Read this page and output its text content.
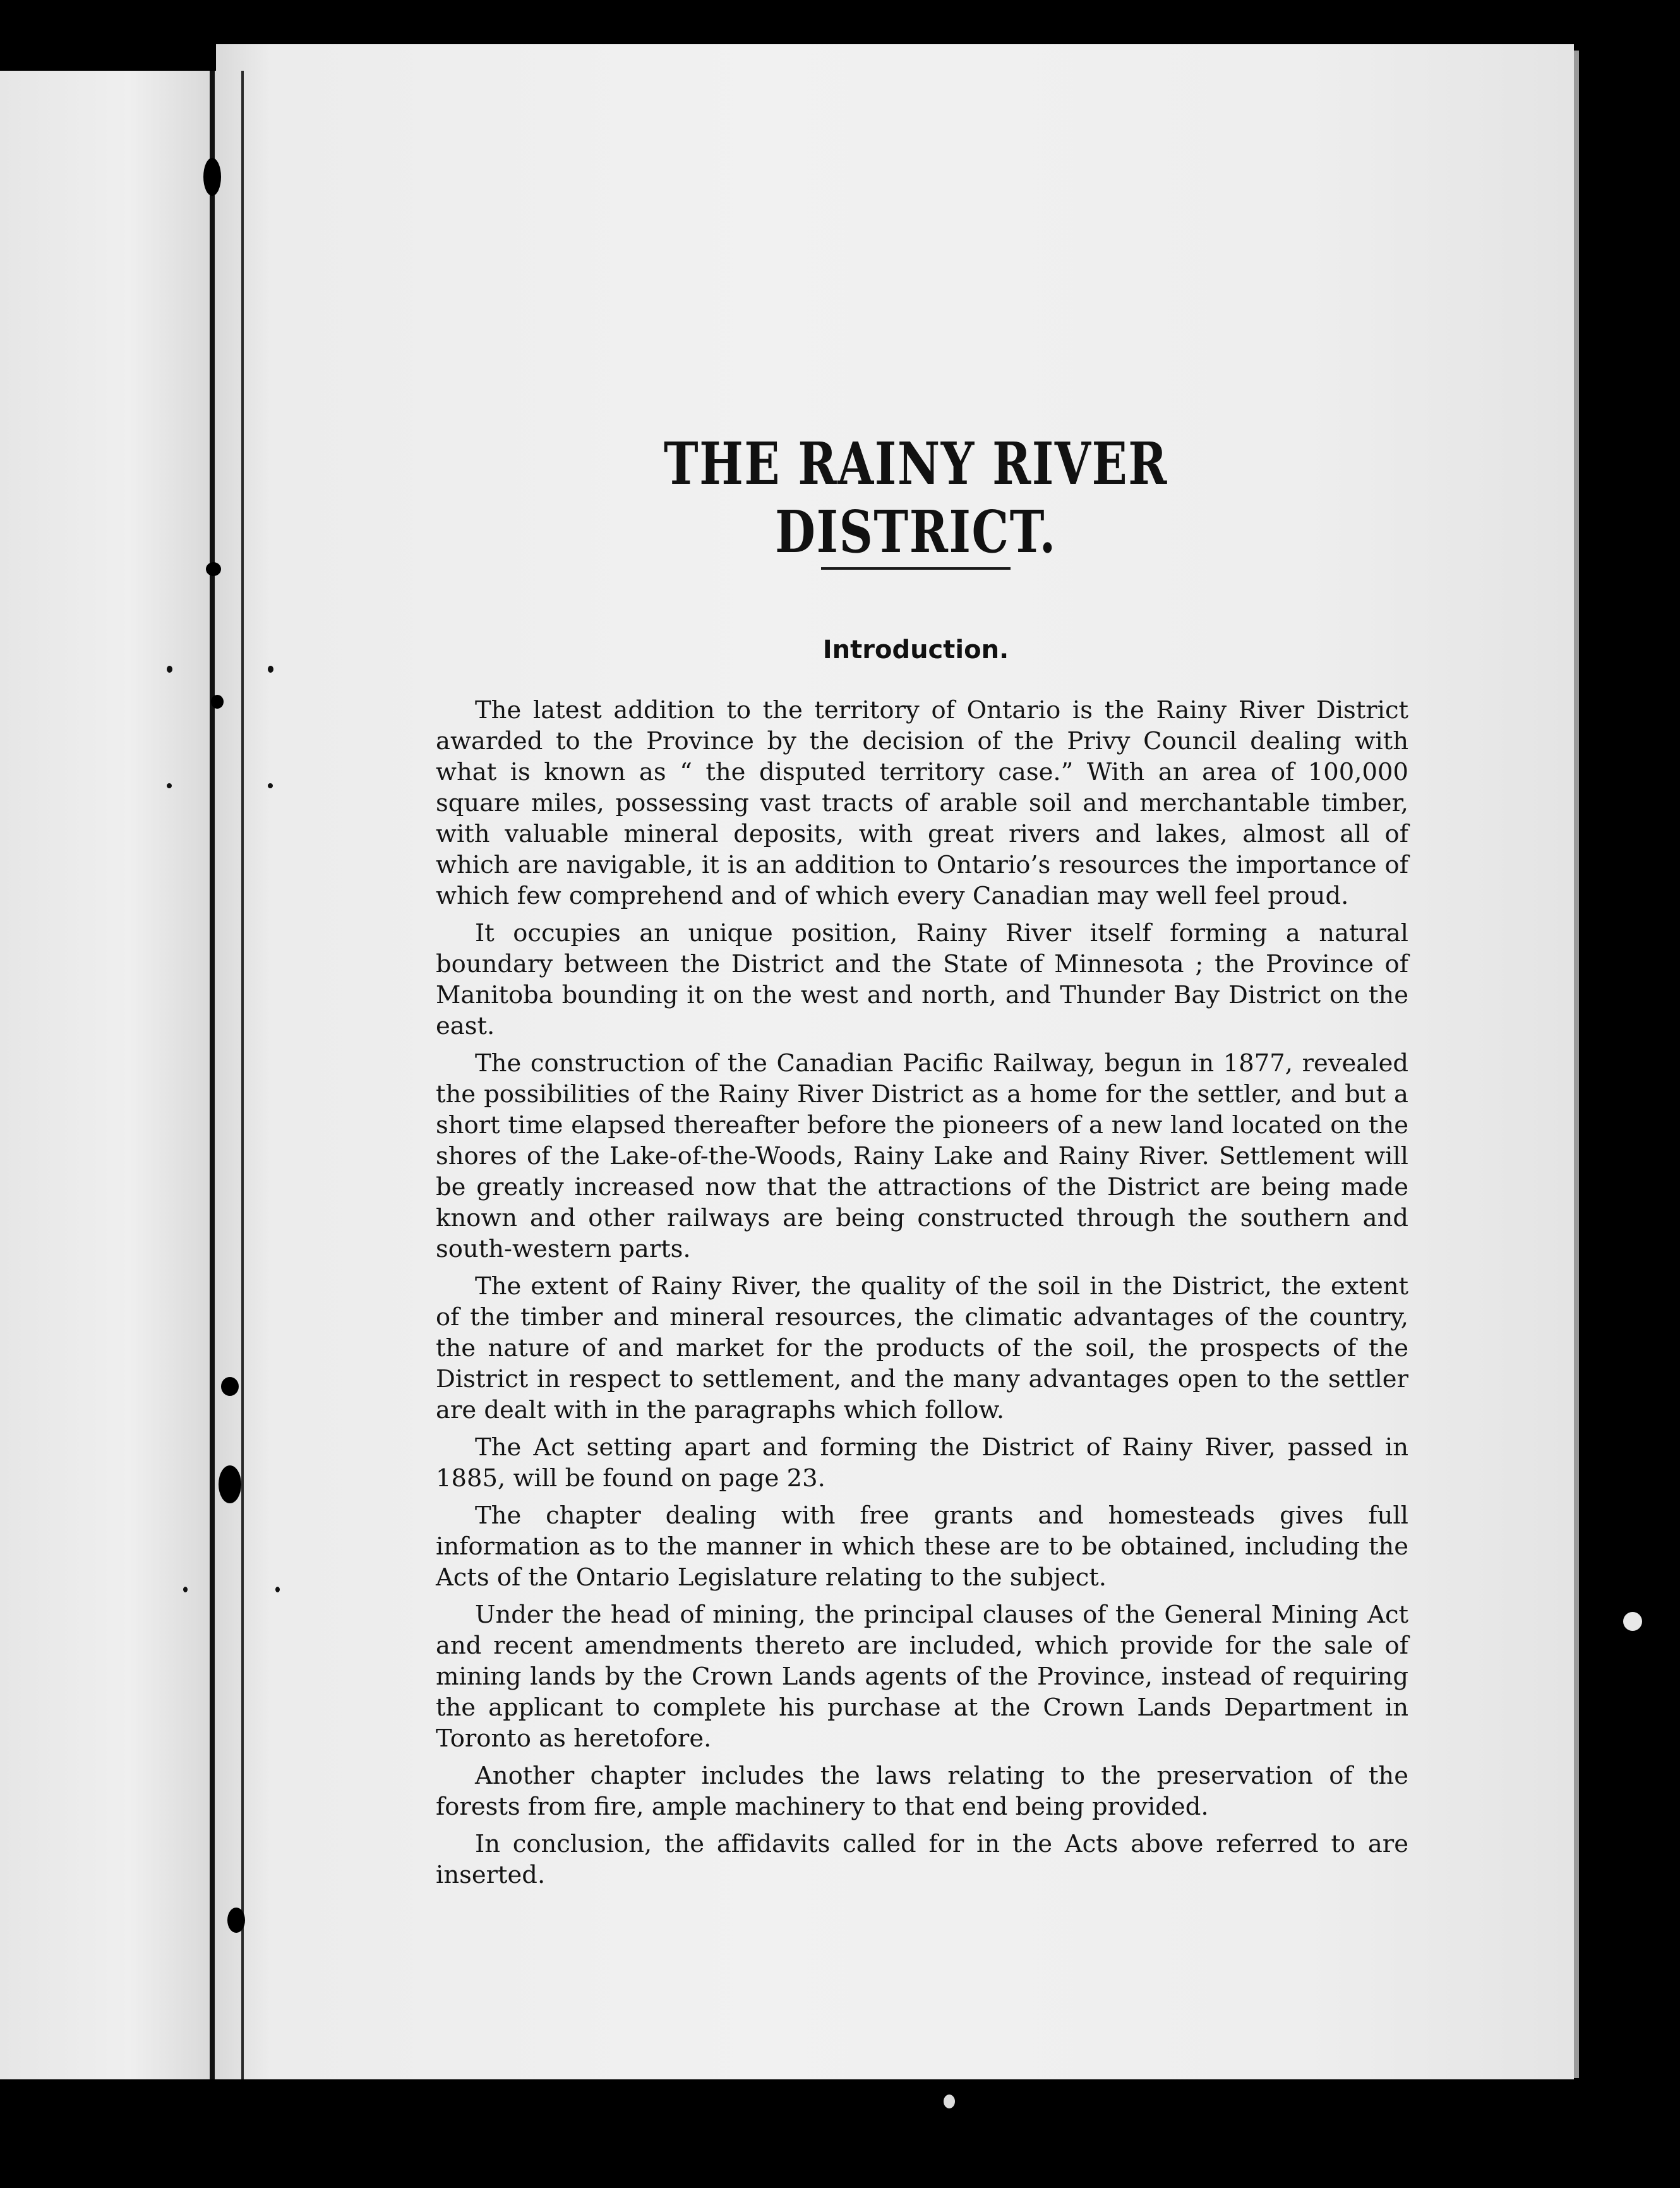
THE RAINY RIVER DISTRICT.
Introduction.

The latest addition to the territory of Ontario is the Rainy River District awarded to the Province by the decision of the Privy Council dealing with what is known as “ the disputed territory case.” With an area of 100,000 square miles, possessing vast tracts of arable soil and merchantable timber, with valuable mineral deposits, with great rivers and lakes, almost all of which are navigable, it is an addition to Ontario’s resources the importance of which few comprehend and of which every Canadian may well feel proud.

It occupies an unique position, Rainy River itself forming a natural boundary between the District and the State of Minnesota ; the Province of Manitoba bounding it on the west and north, and Thunder Bay District on the east.

The construction of the Canadian Pacific Railway, begun in 1877, revealed the possibilities of the Rainy River District as a home for the settler, and but a short time elapsed thereafter before the pioneers of a new land located on the shores of the Lake-of-the-Woods, Rainy Lake and Rainy River. Settlement will be greatly increased now that the attractions of the District are being made known and other railways are being constructed through the southern and south-western parts.

The extent of Rainy River, the quality of the soil in the District, the extent of the timber and mineral resources, the climatic advantages of the country, the nature of and market for the products of the soil, the prospects of the District in respect to settlement, and the many advantages open to the settler are dealt with in the paragraphs which follow.

The Act setting apart and forming the District of Rainy River, passed in 1885, will be found on page 23.

The chapter dealing with free grants and homesteads gives full information as to the manner in which these are to be obtained, including the Acts of the Ontario Legislature relating to the subject.

Under the head of mining, the principal clauses of the General Mining Act and recent amendments thereto are included, which provide for the sale of mining lands by the Crown Lands agents of the Province, instead of requiring the applicant to complete his purchase at the Crown Lands Department in Toronto as heretofore.

Another chapter includes the laws relating to the preservation of the forests from fire, ample machinery to that end being provided.

In conclusion, the affidavits called for in the Acts above referred to are inserted.
